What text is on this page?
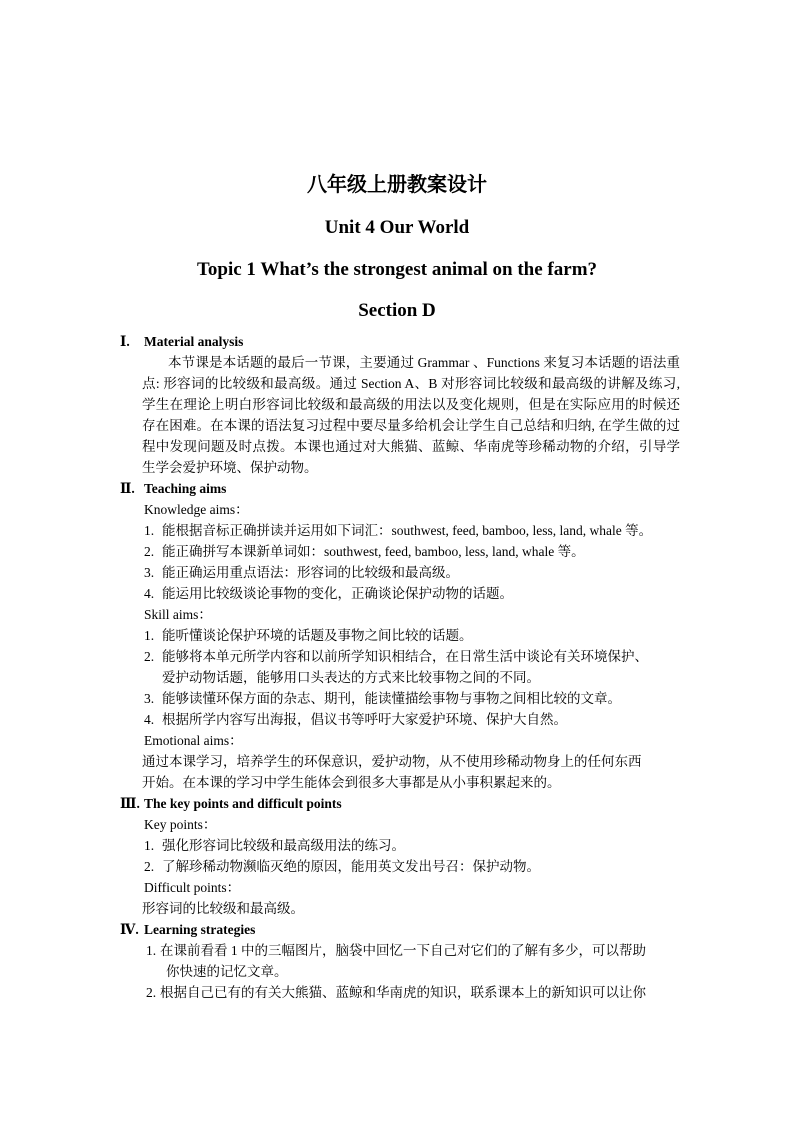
八年级上册教案设计
Unit 4 Our World
Topic 1 What’s the strongest animal on the farm?
Section D
Ⅰ. Material analysis
本节课是本话题的最后一节课，主要通过 Grammar 、Functions 来复习本话题的语法重点: 形容词的比较级和最高级。通过 Section A、B 对形容词比较级和最高级的讲解及练习, 学生在理论上明白形容词比较级和最高级的用法以及变化规则，但是在实际应用的时候还存在困难。在本课的语法复习过程中要尽量多给机会让学生自己总结和归纳, 在学生做的过程中发现问题及时点拨。本课也通过对大熊猫、蓝鲸、华南虎等珍稀动物的介绍，引导学生学会爱护环境、保护动物。
Ⅱ. Teaching aims
Knowledge aims：
1. 能根据音标正确拼读并运用如下词汇：southwest, feed, bamboo, less, land, whale 等。
2. 能正确拼写本课新单词如：southwest, feed, bamboo, less, land, whale 等。
3. 能正确运用重点语法：形容词的比较级和最高级。
4. 能运用比较级谈论事物的变化，正确谈论保护动物的话题。
Skill aims：
1. 能听懂谈论保护环境的话题及事物之间比较的话题。
2. 能够将本单元所学内容和以前所学知识相结合，在日常生活中谈论有关环境保护、
爱护动物话题，能够用口头表达的方式来比较事物之间的不同。
3. 能够读懂环保方面的杂志、期刊，能读懂描绘事物与事物之间相比较的文章。
4. 根据所学内容写出海报，倡议书等呼吁大家爱护环境、保护大自然。
Emotional aims：
通过本课学习，培养学生的环保意识，爱护动物，从不使用珍稀动物身上的任何东西
开始。在本课的学习中学生能体会到很多大事都是从小事积累起来的。
Ⅲ. The key points and difficult points
Key points：
1. 强化形容词比较级和最高级用法的练习。
2. 了解珍稀动物濒临灭绝的原因，能用英文发出号召：保护动物。
Difficult points：
形容词的比较级和最高级。
Ⅳ. Learning strategies
1. 在课前看看 1 中的三幅图片，脑袋中回忆一下自己对它们的了解有多少，可以帮助
你快速的记忆文章。
2. 根据自己已有的有关大熊猫、蓝鲸和华南虎的知识，联系课本上的新知识可以让你
